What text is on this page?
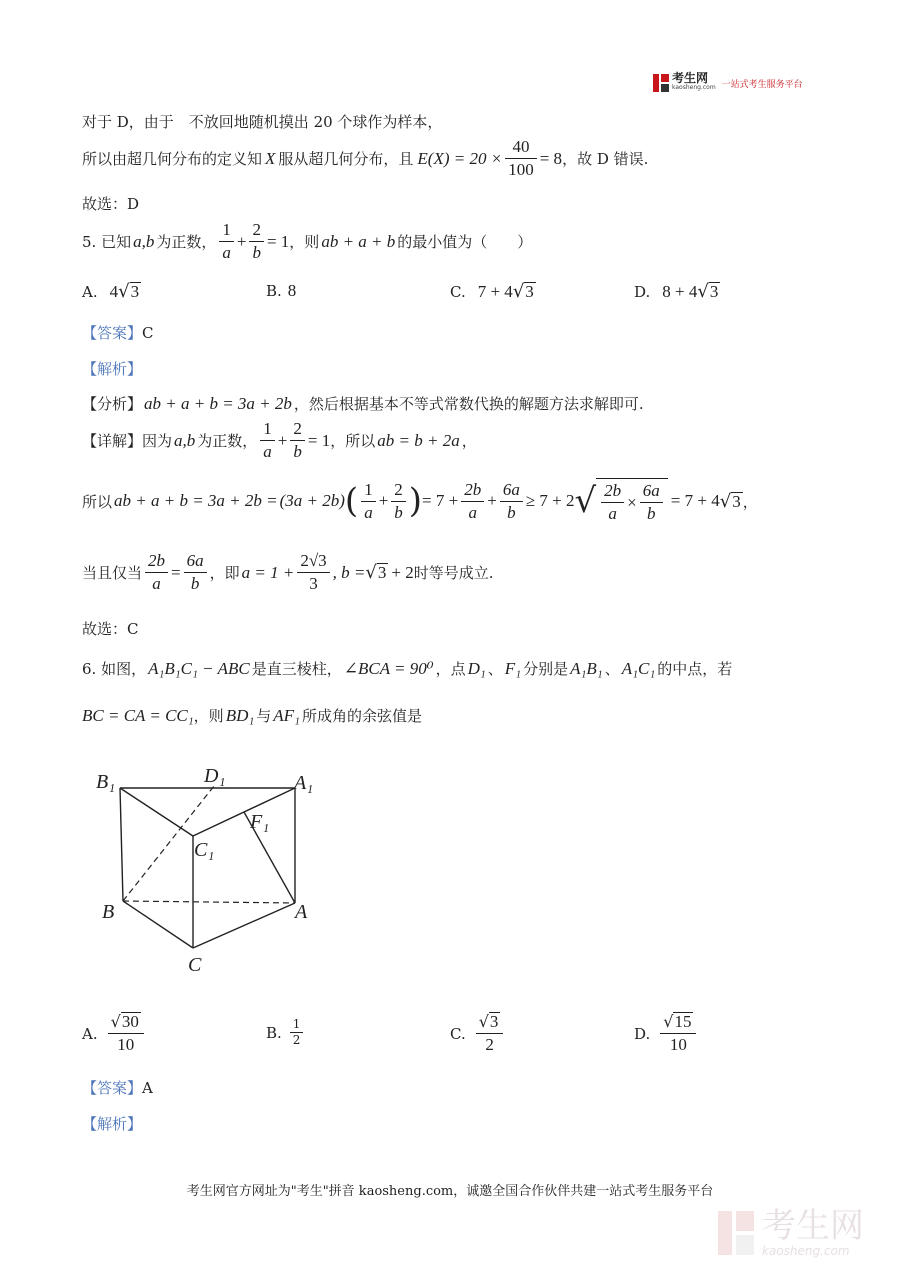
考生网
kaosheng.com 一站式考生服务平台
对于 D，由于　不放回地随机摸出 20 个球作为样本，
所以由超几何分布的定义知 X 服从超几何分布，且 $E(X) = 20 \times \frac{40}{100} = 8$ ，故 D 错误.
故选：D
5. 已知 a,b 为正数， $\frac{1}{a} + \frac{2}{b} = 1$ ，则 ab + a + b 的最小值为（　　）
A. 4 √ 3	B. 8	C. 7 + 4 √ 3	D. 8 + 4 √ 3
【答案】C
【解析】
【分析】 ab + a + b = 3a + 2b ，然后根据基本不等式常数代换的解题方法求解即可.
【详解】 因为 a,b 为正数， $\frac{1}{a} + \frac{2}{b} = 1$ ，所以 ab = b + 2a ，
所以 ab + a + b = 3a + 2b = (3a + 2b) ( $\frac{1}{a} + \frac{2}{b}$ ) = $7 + \frac{2b}{a} + \frac{6a}{b} \ge 7 + 2$ √ $\frac{2b}{a} \times \frac{6a}{b} = 7 + 4$ √ 3 ，
当且仅当 $\frac{2b}{a} = \frac{6a}{b}$ ，即 $a = 1 + \frac{2√3}{3}$ , b = √ 3 + 2 时等号成立.
故选：C
6. 如图， A₁B₁C₁ − ABC 是直三棱柱， ∠BCA = 90⁰ ，点 D₁ 、 F₁ 分别是 A₁B₁ 、 A₁C₁ 的中点，若
BC = CA = CC₁ ，则 BD₁ 与 AF₁ 所成角的余弦值是
B₁	D₁	A₁
F₁
C₁
B	A
C
A. $\frac{√30}{10}$	B. $\frac{1}{2}$	C. $\frac{√3}{2}$	D. $\frac{√15}{10}$
【答案】A
【解析】
考生网官方网址为"考生"拼音 kaosheng.com，诚邀全国合作伙伴共建一站式考生服务平台
考生网
kaosheng.com
